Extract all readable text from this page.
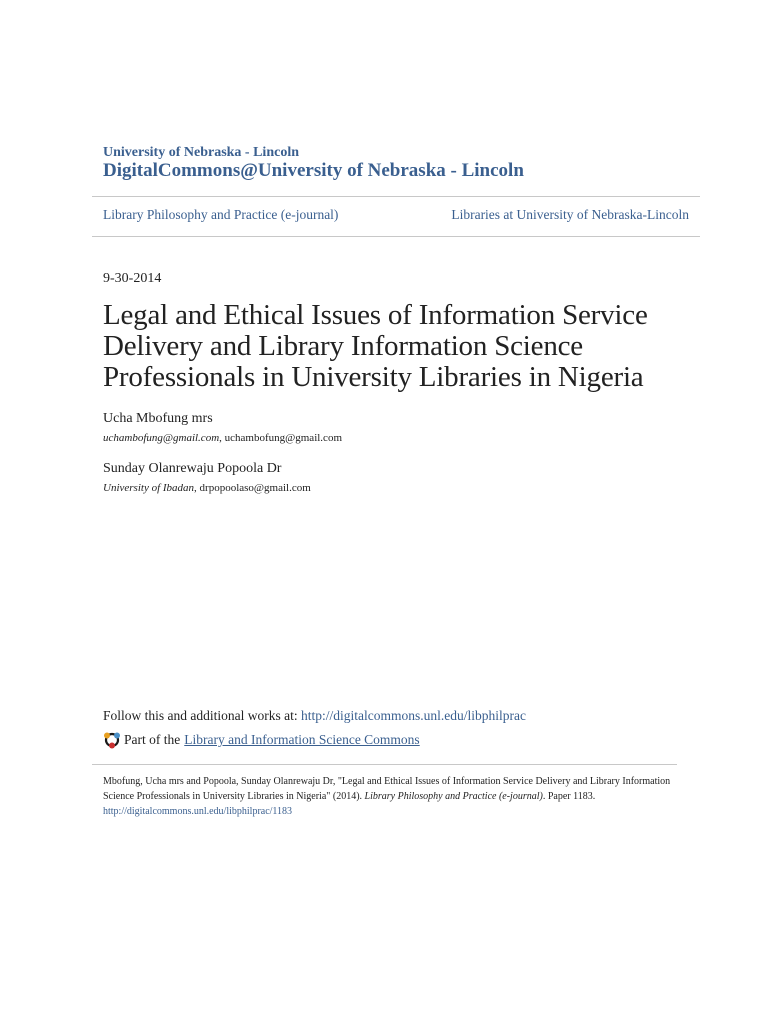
University of Nebraska - Lincoln
DigitalCommons@University of Nebraska - Lincoln
Library Philosophy and Practice (e-journal)	Libraries at University of Nebraska-Lincoln
9-30-2014
Legal and Ethical Issues of Information Service
Delivery and Library Information Science
Professionals in University Libraries in Nigeria
Ucha Mbofung mrs
uchambofung@gmail.com, uchambofung@gmail.com
Sunday Olanrewaju Popoola Dr
University of Ibadan, drpopoolaso@gmail.com
Follow this and additional works at: http://digitalcommons.unl.edu/libphilprac
Part of the Library and Information Science Commons
Mbofung, Ucha mrs and Popoola, Sunday Olanrewaju Dr, "Legal and Ethical Issues of Information Service Delivery and Library Information Science Professionals in University Libraries in Nigeria" (2014). Library Philosophy and Practice (e-journal). Paper 1183.
http://digitalcommons.unl.edu/libphilprac/1183
